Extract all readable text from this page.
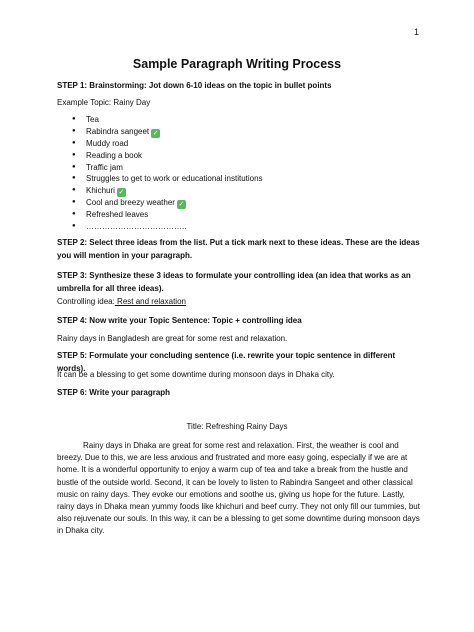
1
Sample Paragraph Writing Process
STEP 1: Brainstorming: Jot down 6-10 ideas on the topic in bullet points
Example Topic: Rainy Day
● Tea
● Rabindra sangeet ✓
● Muddy road
● Reading a book
● Traffic jam
● Struggles to get to work or educational institutions
● Khichuri ✓
● Cool and breezy weather ✓
● Refreshed leaves
● ………………………………..
STEP 2: Select three ideas from the list. Put a tick mark next to these ideas. These are the ideas you will mention in your paragraph.
STEP 3: Synthesize these 3 ideas to formulate your controlling idea (an idea that works as an umbrella for all three ideas).
Controlling idea: Rest and relaxation
STEP 4: Now write your Topic Sentence: Topic + controlling idea
Rainy days in Bangladesh are great for some rest and relaxation.
STEP 5: Formulate your concluding sentence (i.e. rewrite your topic sentence in different words).
It can be a blessing to get some downtime during monsoon days in Dhaka city.
STEP 6: Write your paragraph
Title: Refreshing Rainy Days
Rainy days in Dhaka are great for some rest and relaxation. First, the weather is cool and breezy. Due to this, we are less anxious and frustrated and more easy going, especially if we are at home. It is a wonderful opportunity to enjoy a warm cup of tea and take a break from the hustle and bustle of the outside world. Second, it can be lovely to listen to Rabindra Sangeet and other classical music on rainy days. They evoke our emotions and soothe us, giving us hope for the future. Lastly, rainy days in Dhaka mean yummy foods like khichuri and beef curry. They not only fill our tummies, but also rejuvenate our souls. In this way, it can be a blessing to get some downtime during monsoon days in Dhaka city.
